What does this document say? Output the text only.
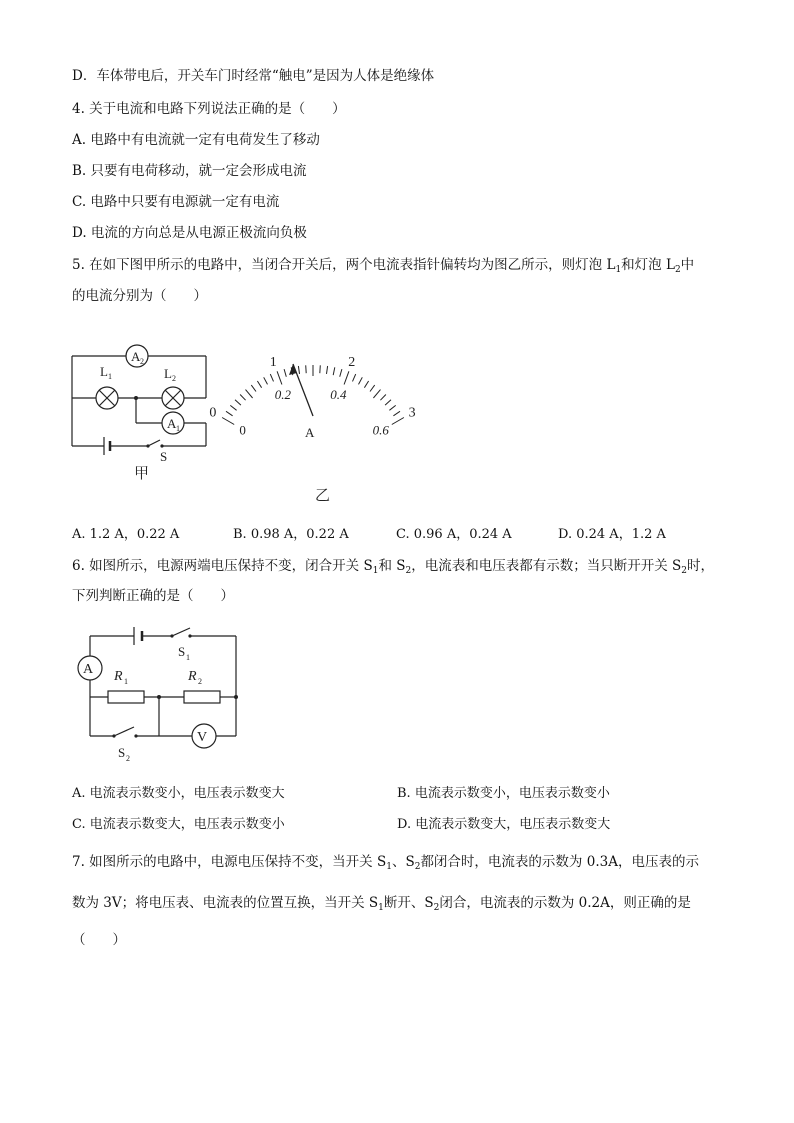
D．车体带电后，开关车门时经常“触电”是因为人体是绝缘体
4. 关于电流和电路下列说法正确的是（　　）
A. 电路中有电流就一定有电荷发生了移动
B. 只要有电荷移动，就一定会形成电流
C. 电路中只要有电源就一定有电流
D. 电流的方向总是从电源正极流向负极
5. 在如下图甲所示的电路中，当闭合开关后，两个电流表指针偏转均为图乙所示，则灯泡 $L_1$和灯泡 $L_2$中
的电流分别为（　　）
A 2
L 1	L 2
A 1
S
甲
0
1	2
3
0
0.2	0.4
0.6
A
乙
A. 1.2 A，0.22 A	B. 0.98 A，0.22 A	C. 0.96 A，0.24 A	D. 0.24 A，1.2 A
6. 如图所示，电源两端电压保持不变，闭合开关 $S_1$和 $S_2$，电流表和电压表都有示数；当只断开开关 $S_2$时，
下列判断正确的是（　　）
A
V
S 1
R 1	R 2
S 2
A. 电流表示数变小，电压表示数变大	B. 电流表示数变小，电压表示数变小
C. 电流表示数变大，电压表示数变小	D. 电流表示数变大，电压表示数变大
7. 如图所示的电路中，电源电压保持不变，当开关 $S_1$、$S_2$都闭合时，电流表的示数为 0.3A，电压表的示
数为 3V；将电压表、电流表的位置互换，当开关 $S_1$断开、$S_2$闭合，电流表的示数为 0.2A，则正确的是
（　　）
